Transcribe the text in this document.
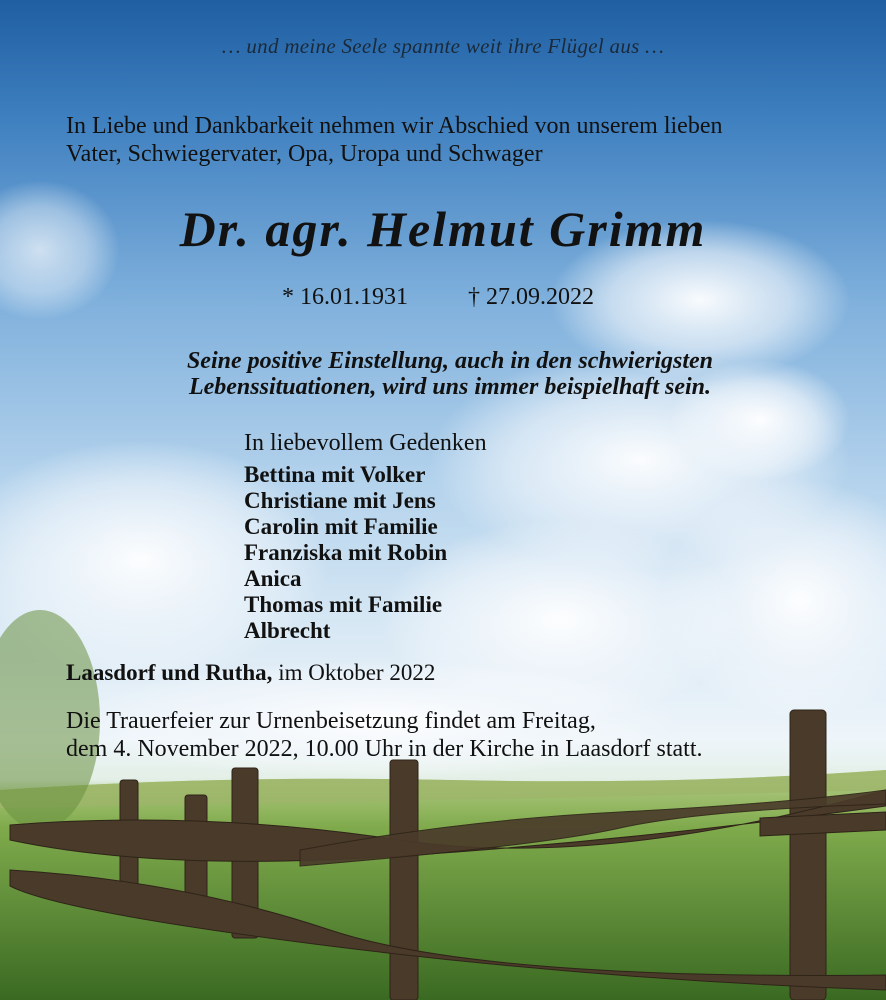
… und meine Seele spannte weit ihre Flügel aus …

In Liebe und Dankbarkeit nehmen wir Abschied von unserem lieben
Vater, Schwiegervater, Opa, Uropa und Schwager
Dr. agr. Helmut Grimm
* 16.01.1931	† 27.09.2022
Seine positive Einstellung, auch in den schwierigsten
Lebenssituationen, wird uns immer beispielhaft sein.
In liebevollem Gedenken
Bettina mit Volker
Christiane mit Jens
Carolin mit Familie
Franziska mit Robin
Anica
Thomas mit Familie
Albrecht
Laasdorf und Rutha, im Oktober 2022
Die Trauerfeier zur Urnenbeisetzung findet am Freitag,
dem 4. November 2022, 10.00 Uhr in der Kirche in Laasdorf statt.
